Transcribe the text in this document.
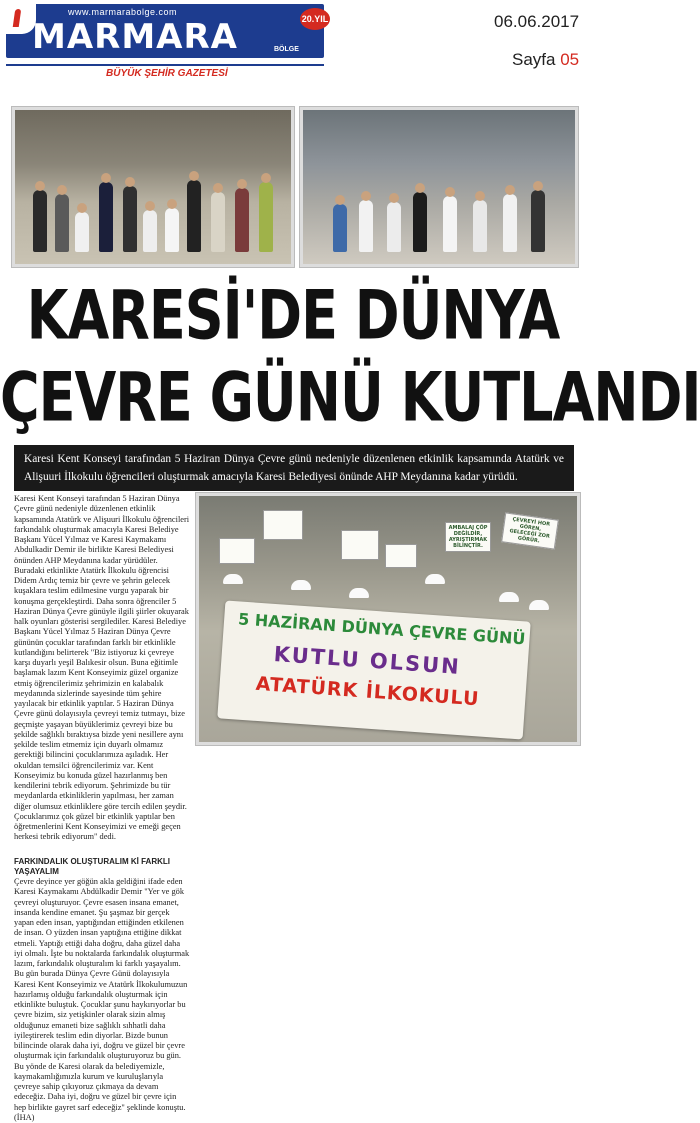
www.marmarabolge.com
MARMARA	BÖLGE
20.YIL
BÜYÜK ŞEHİR GAZETESİ
06.06.2017
Sayfa 05
KARESİ'DE DÜNYA
ÇEVRE GÜNÜ KUTLANDI
Karesi Kent Konseyi tarafından 5 Haziran Dünya Çevre günü nedeniyle düzenlenen etkinlik kapsamında Atatürk ve Alişuuri İlkokulu öğrencileri oluşturmak amacıyla Karesi Belediyesi önünde AHP Meydanına kadar yürüdü.

Karesi Kent Konseyi tarafından 5 Haziran Dünya Çevre günü nedeniyle düzenlenen etkinlik kapsamında Atatürk ve Alişuuri İlkokulu öğrencileri farkındalık oluşturmak amacıyla Karesi Belediye Başkanı Yücel Yılmaz ve Karesi Kaymakamı Abdulkadir Demir ile birlikte Karesi Belediyesi önünden AHP Meydanına kadar yürüdüler. Buradaki etkinlikte Atatürk İlkokulu öğrencisi Didem Ardıç temiz bir çevre ve şehrin gelecek kuşaklara teslim edilmesine vurgu yaparak bir konuşma gerçekleştirdi. Daha sonra öğrenciler 5 Haziran Dünya Çevre günüyle ilgili şiirler okuyarak halk oyunları gösterisi sergilediler. Karesi Belediye Başkanı Yücel Yılmaz 5 Haziran Dünya Çevre gününün çocuklar tarafından farklı bir etkinlikle kutlandığını belirterek "Biz istiyoruz ki çevreye karşı duyarlı yeşil Balıkesir olsun. Buna eğitimle başlamak lazım Kent Konseyimiz güzel organize etmiş öğrencilerimiz şehrimizin en kalabalık meydanında sizlerinde sayesinde tüm şehire yayılacak bir etkinlik yaptılar. 5 Haziran Dünya Çevre günü dolayısıyla çevreyi temiz tutmayı, bize geçmişte yaşayan büyüklerimiz çevreyi bize bu şekilde sağlıklı bıraktıysa bizde yeni nesillere aynı şekilde teslim etmemiz için duyarlı olmamız gerektiği bilincini çocuklarımıza aşıladık. Her okuldan temsilci öğrencilerimiz var. Kent Konseyimiz bu konuda güzel hazırlanmış ben kendilerini tebrik ediyorum. Şehrimizde bu tür meydanlarda etkinliklerin yapılması, her zaman diğer olumsuz etkinliklere göre tercih edilen şeydir. Çocuklarımız çok güzel bir etkinlik yaptılar ben öğretmenlerini Kent Konseyimizi ve emeği geçen herkesi tebrik ediyorum" dedi.

FARKINDALIK OLUŞTURALIM Kİ FARKLI YAŞAYALIM

Çevre deyince yer göğün akla geldiğini ifade eden Karesi Kaymakamı Abdülkadir Demir "Yer ve gök çevreyi oluşturuyor. Çevre esasen insana emanet, insanda kendine emanet. Şu şaşmaz bir gerçek yapan eden insan, yaptığından ettiğinden etkilenen de insan. O yüzden insan yaptığına ettiğine dikkat etmeli. Yaptığı ettiği daha doğru, daha güzel daha iyi olmalı. İşte bu noktalarda farkındalık oluşturmak lazım, farkındalık oluşturalım ki farklı yaşayalım. Bu gün burada Dünya Çevre Günü dolayısıyla Karesi Kent Konseyimiz ve Atatürk İlkokulumuzun hazırlamış olduğu farkındalık oluşturmak için etkinlikte buluştuk. Çocuklar şunu haykırıyorlar bu çevre bizim, siz yetişkinler olarak sizin almış olduğunuz emaneti bize sağlıklı sıhhatli daha iyileştirerek teslim edin diyorlar. Bizde bunun bilincinde olarak daha iyi, doğru ve güzel bir çevre oluşturmak için farkındalık oluşturuyoruz bu gün. Bu yönde de Karesi olarak da belediyemizle, kaymakamlığımızla kurum ve kuruluşlarıyla çevreye sahip çıkıyoruz çıkmaya da devam edeceğiz. Daha iyi, doğru ve güzel bir çevre için hep birlikte gayret sarf edeceğiz" şeklinde konuştu. (İHA)

ÇEVREYİ HOR GÖREN, GELECEĞİ ZOR GÖRÜR.
AMBALAJ ÇÖP DEĞİLDİR, AYRIŞTIRMAK BİLİNÇTİR.
5 HAZİRAN DÜNYA ÇEVRE GÜNÜ
KUTLU OLSUN
ATATÜRK İLKOKULU
